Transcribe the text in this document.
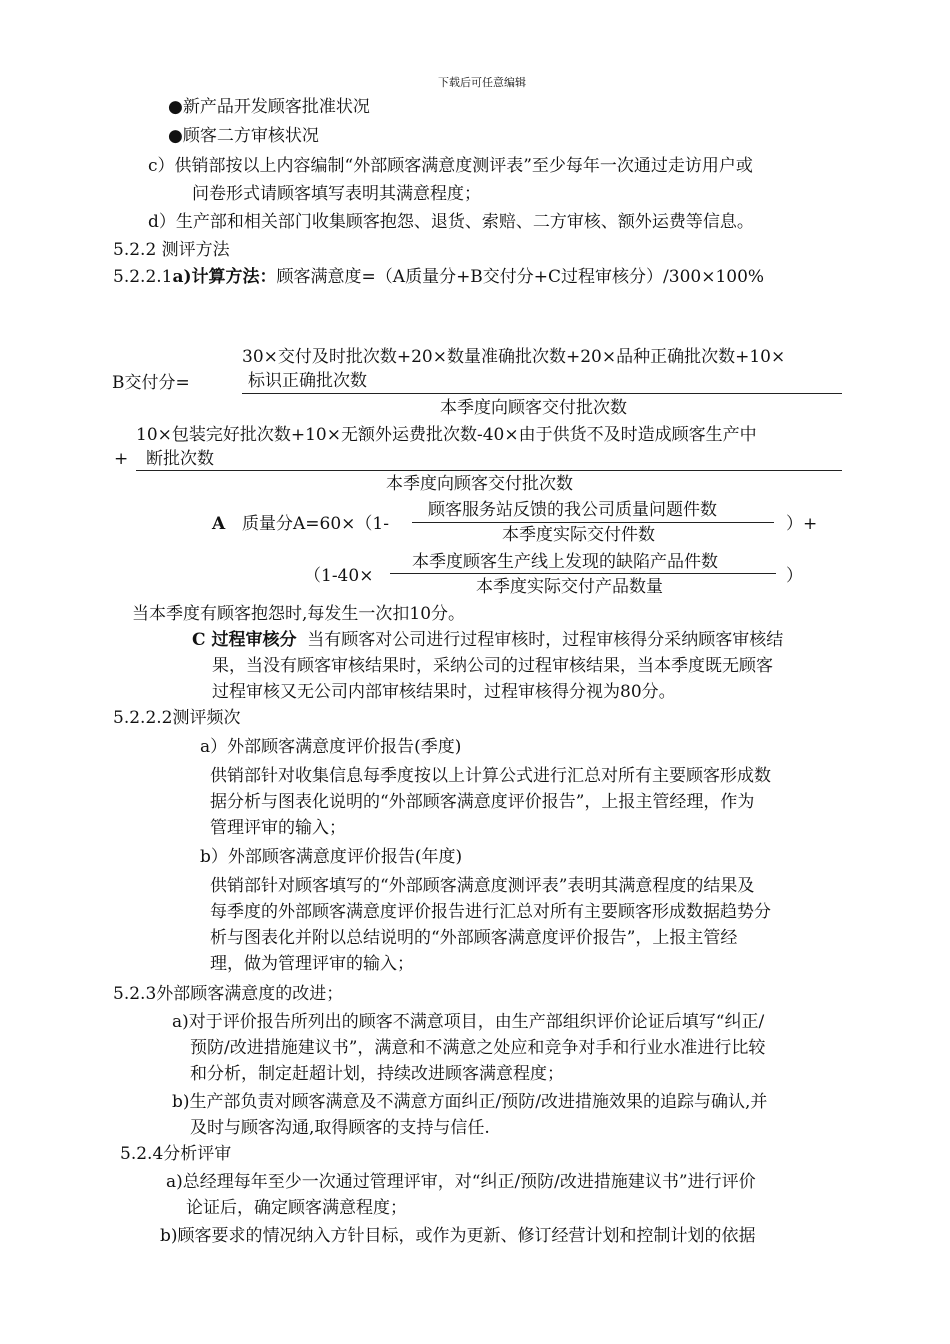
下载后可任意编辑
●新产品开发顾客批准状况
●顾客二方审核状况
c）供销部按以上内容编制“外部顾客满意度测评表”至少每年一次通过走访用户或
问卷形式请顾客填写表明其满意程度；
d）生产部和相关部门收集顾客抱怨、退货、索赔、二方审核、额外运费等信息。
5.2.2 测评方法
5.2.2.1a)计算方法：顾客满意度=（A质量分+B交付分+C过程审核分）/300×100%
30×交付及时批次数+20×数量准确批次数+20×品种正确批次数+10×
B交付分=	标识正确批次数
本季度向顾客交付批次数
10×包装完好批次数+10×无额外运费批次数-40×由于供货不及时造成顾客生产中
+ 断批次数
本季度向顾客交付批次数
A 质量分A=60×（1-
顾客服务站反馈的我公司质量问题件数
本季度实际交付件数
）+
（1-40×
本季度顾客生产线上发现的缺陷产品件数
本季度实际交付产品数量
）
当本季度有顾客抱怨时,每发生一次扣10分。
C 过程审核分 当有顾客对公司进行过程审核时，过程审核得分采纳顾客审核结
果，当没有顾客审核结果时，采纳公司的过程审核结果，当本季度既无顾客
过程审核又无公司内部审核结果时，过程审核得分视为80分。
5.2.2.2测评频次
a）外部顾客满意度评价报告(季度)
供销部针对收集信息每季度按以上计算公式进行汇总对所有主要顾客形成数
据分析与图表化说明的“外部顾客满意度评价报告”，上报主管经理，作为
管理评审的输入；
b）外部顾客满意度评价报告(年度)
供销部针对顾客填写的“外部顾客满意度测评表”表明其满意程度的结果及
每季度的外部顾客满意度评价报告进行汇总对所有主要顾客形成数据趋势分
析与图表化并附以总结说明的“外部顾客满意度评价报告”，上报主管经
理，做为管理评审的输入；
5.2.3外部顾客满意度的改进；
a)对于评价报告所列出的顾客不满意项目，由生产部组织评价论证后填写“纠正/
预防/改进措施建议书”，满意和不满意之处应和竞争对手和行业水准进行比较
和分析，制定赶超计划，持续改进顾客满意程度；
b)生产部负责对顾客满意及不满意方面纠正/预防/改进措施效果的追踪与确认,并
及时与顾客沟通,取得顾客的支持与信任.
5.2.4分析评审
a)总经理每年至少一次通过管理评审，对“纠正/预防/改进措施建议书”进行评价
论证后，确定顾客满意程度；
b)顾客要求的情况纳入方针目标，或作为更新、修订经营计划和控制计划的依据
